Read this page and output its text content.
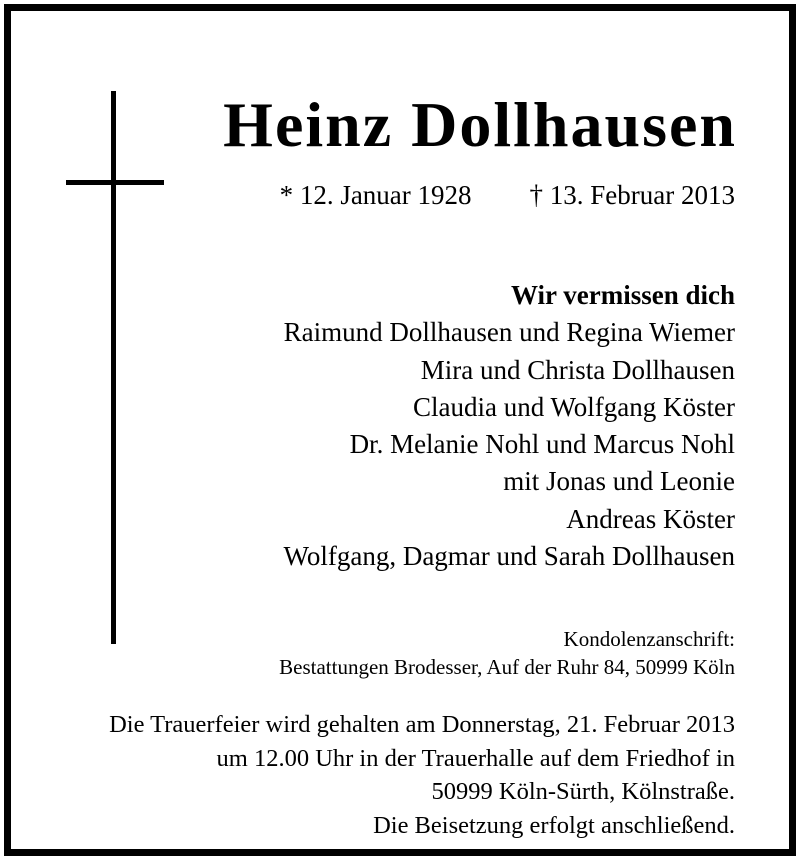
Heinz Dollhausen
* 12. Januar 1928 † 13. Februar 2013
Wir vermissen dich
Raimund Dollhausen und Regina Wiemer
Mira und Christa Dollhausen
Claudia und Wolfgang Köster
Dr. Melanie Nohl und Marcus Nohl
mit Jonas und Leonie
Andreas Köster
Wolfgang, Dagmar und Sarah Dollhausen
Kondolenzanschrift:
Bestattungen Brodesser, Auf der Ruhr 84, 50999 Köln
Die Trauerfeier wird gehalten am Donnerstag, 21. Februar 2013
um 12.00 Uhr in der Trauerhalle auf dem Friedhof in
50999 Köln-Sürth, Kölnstraße.
Die Beisetzung erfolgt anschließend.
